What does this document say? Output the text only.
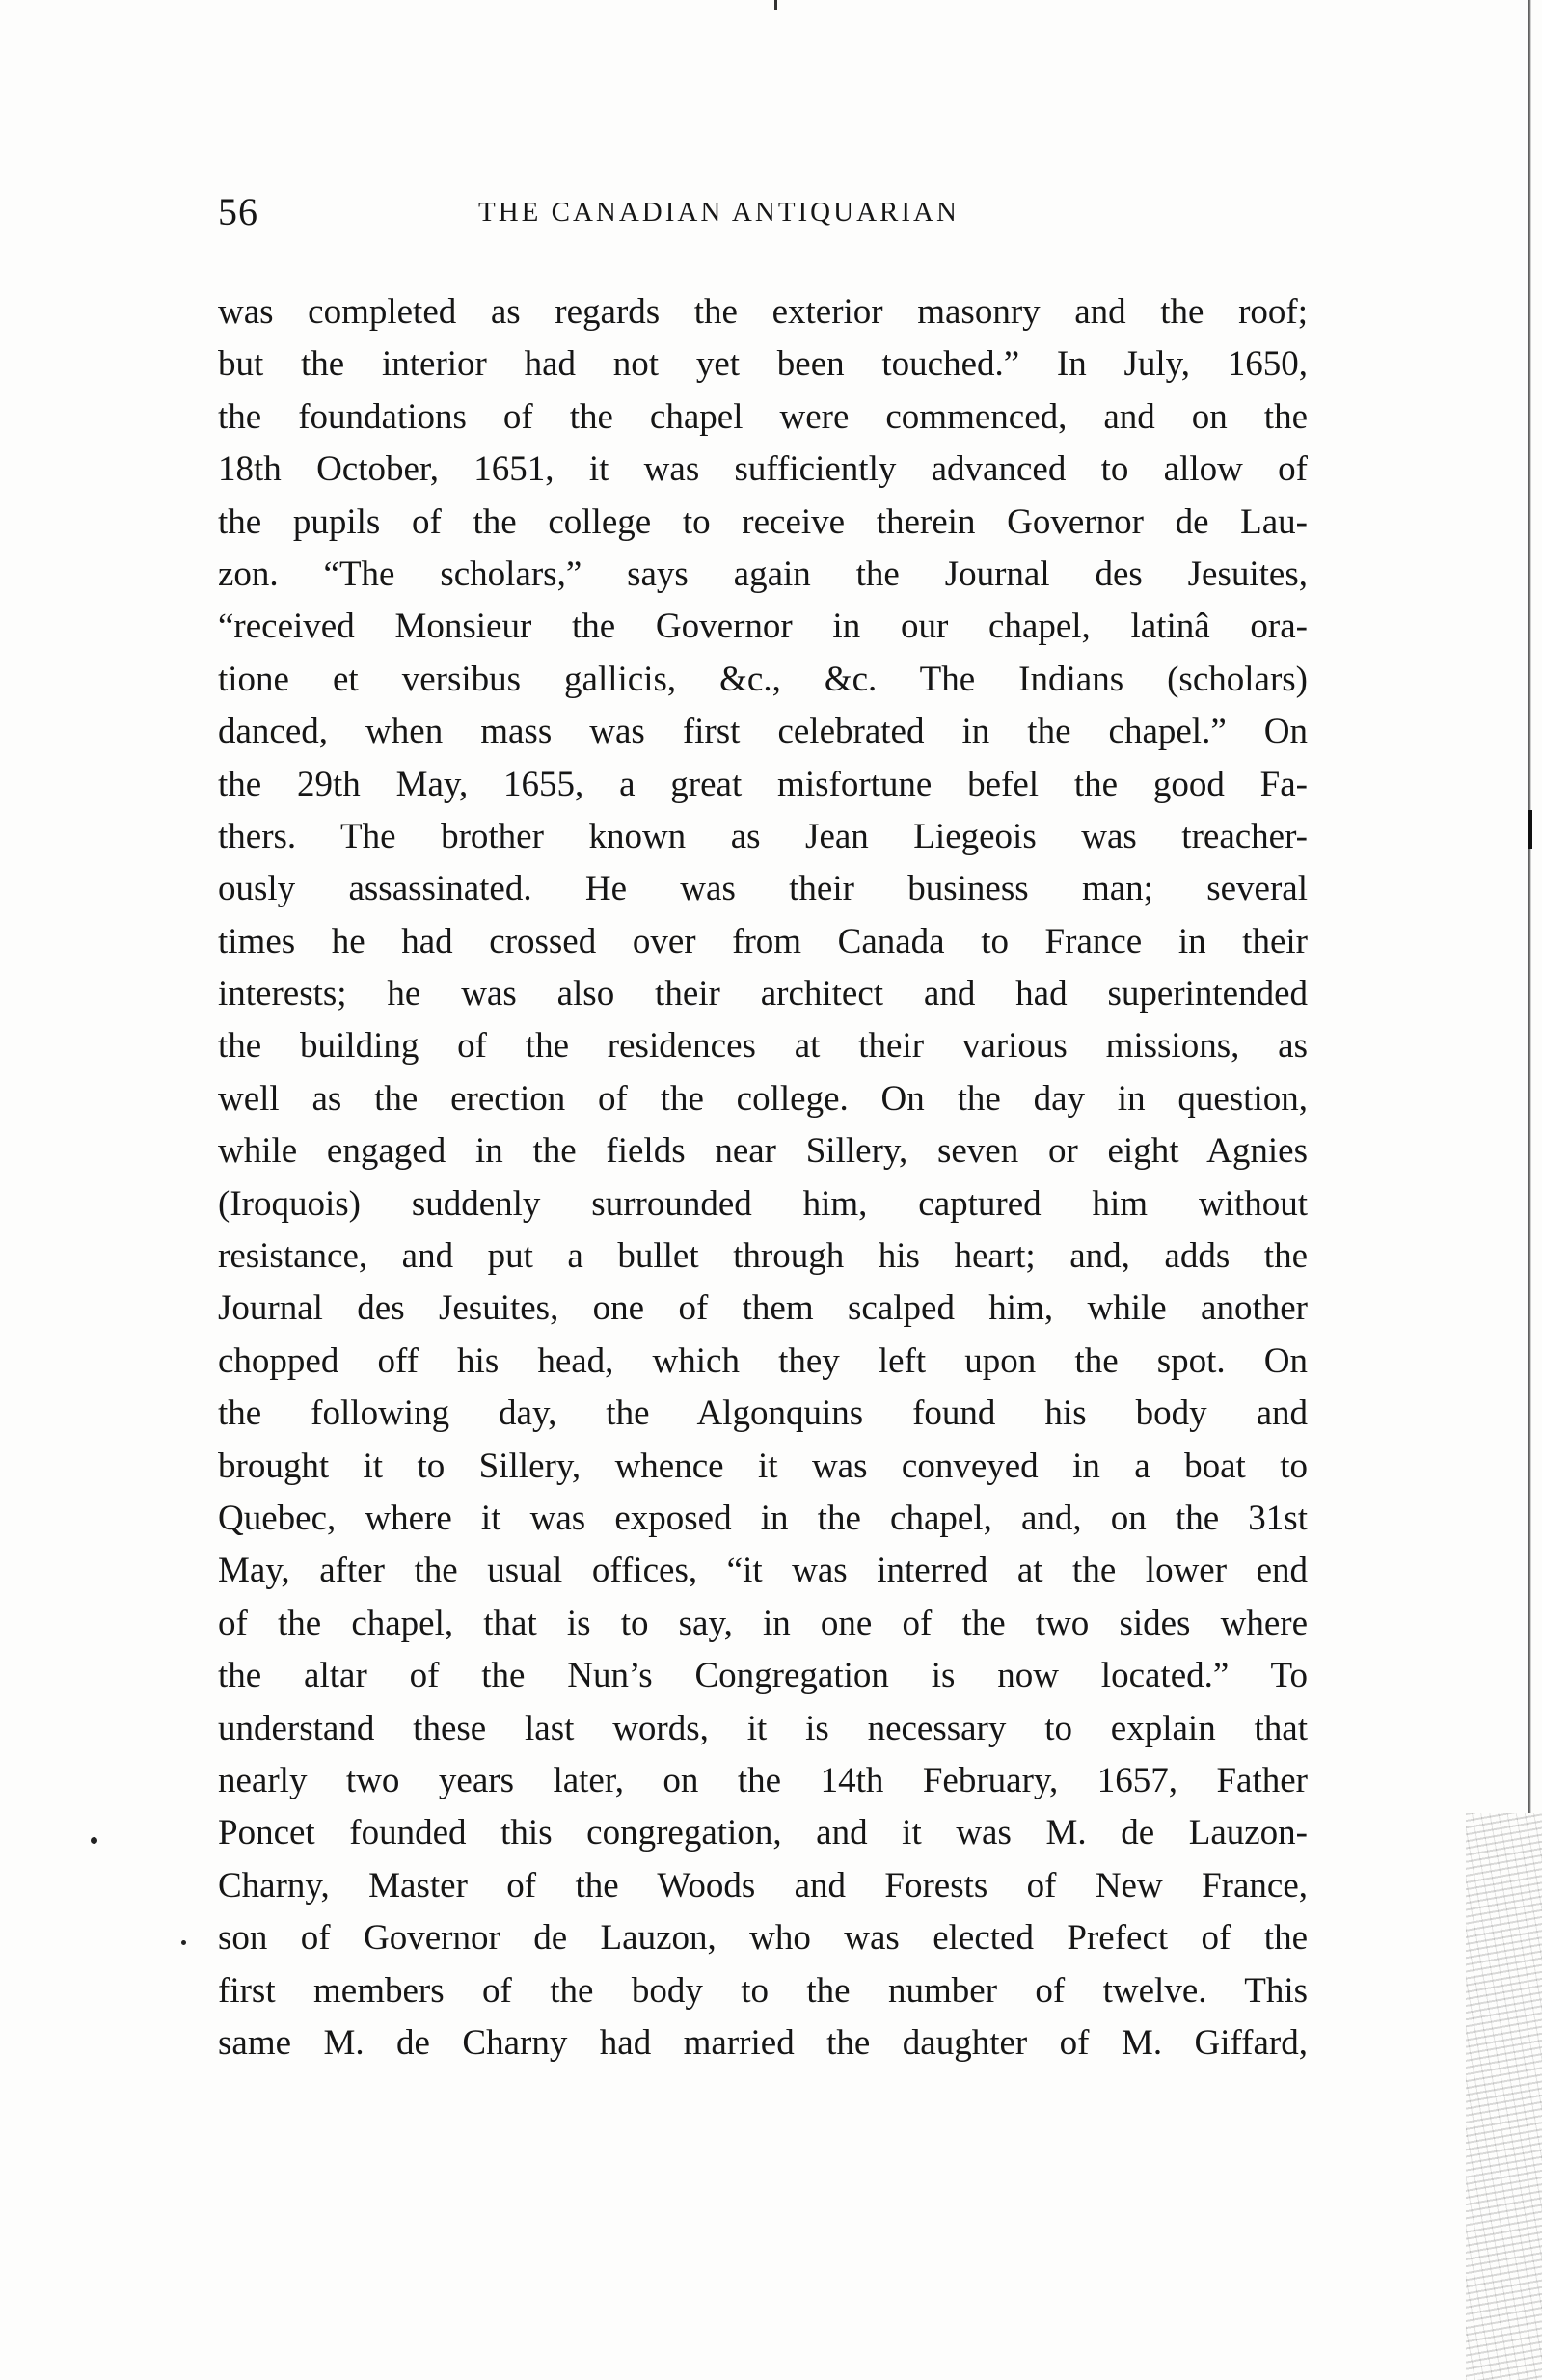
56	THE CANADIAN ANTIQUARIAN
was completed as regards the exterior masonry and the roof;
but the interior had not yet been touched.” In July, 1650,
the foundations of the chapel were commenced, and on the
18th October, 1651, it was sufficiently advanced to allow of
the pupils of the college to receive therein Governor de Lau-
zon. “The scholars,” says again the Journal des Jesuites,
“received Monsieur the Governor in our chapel, latinâ ora-
tione et versibus gallicis, &c., &c. The Indians (scholars)
danced, when mass was first celebrated in the chapel.” On
the 29th May, 1655, a great misfortune befel the good Fa-
thers. The brother known as Jean Liegeois was treacher-
ously assassinated. He was their business man; several
times he had crossed over from Canada to France in their
interests; he was also their architect and had superintended
the building of the residences at their various missions, as
well as the erection of the college. On the day in question,
while engaged in the fields near Sillery, seven or eight Agnies
(Iroquois) suddenly surrounded him, captured him without
resistance, and put a bullet through his heart; and, adds the
Journal des Jesuites, one of them scalped him, while another
chopped off his head, which they left upon the spot. On
the following day, the Algonquins found his body and
brought it to Sillery, whence it was conveyed in a boat to
Quebec, where it was exposed in the chapel, and, on the 31st
May, after the usual offices, “it was interred at the lower end
of the chapel, that is to say, in one of the two sides where
the altar of the Nun’s Congregation is now located.” To
understand these last words, it is necessary to explain that
nearly two years later, on the 14th February, 1657, Father
Poncet founded this congregation, and it was M. de Lauzon-
Charny, Master of the Woods and Forests of New France,
son of Governor de Lauzon, who was elected Prefect of the
first members of the body to the number of twelve. This
same M. de Charny had married the daughter of M. Giffard,
